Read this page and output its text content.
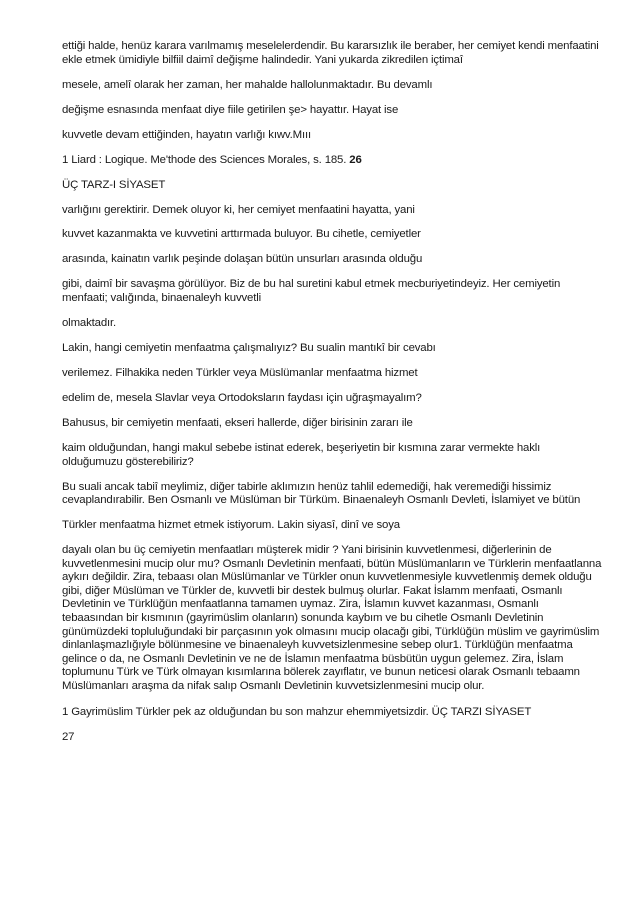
ettiği halde, henüz karara varılmamış meselelerdendir. Bu kararsızlık ile beraber, her cemiyet kendi menfaatini ekle etmek ümidiyle bilfiil daimî değişme halindedir. Yani yukarda zikredilen içtimaî

mesele, amelî olarak her zaman, her mahalde hallolunmaktadır. Bu devamlı

değişme esnasında menfaat diye fiile getirilen şe> hayattır. Hayat ise

kuvvetle devam ettiğinden, hayatın varlığı kıwv.Mııı

1 Liard : Logique. Me'thode des Sciences Morales, s. 185. 26

ÜÇ TARZ-I SİYASET

varlığını gerektirir. Demek oluyor ki, her cemiyet menfaatini hayatta, yani

kuvvet kazanmakta ve kuvvetini arttırmada buluyor. Bu cihetle, cemiyetler

arasında, kainatın varlık peşinde dolaşan bütün unsurları arasında olduğu

gibi, daimî bir savaşma görülüyor. Biz de bu hal suretini kabul etmek mecburiyetindeyiz. Her cemiyetin menfaati; valığında, binaenaleyh kuvvetli

olmaktadır.

Lakin, hangi cemiyetin menfaatma çalışmalıyız? Bu sualin mantıkî bir cevabı

verilemez. Filhakika neden Türkler veya Müslümanlar menfaatma hizmet

edelim de, mesela Slavlar veya Ortodoksların faydası için uğraşmayalım?

Bahusus, bir cemiyetin menfaati, ekseri hallerde, diğer birisinin zararı ile

kaim olduğundan, hangi makul sebebe istinat ederek, beşeriyetin bir kısmına zarar vermekte haklı olduğumuzu gösterebiliriz?

Bu suali ancak tabiî meylimiz, diğer tabirle aklımızın henüz tahlil edemediği, hak veremediği hissimiz cevaplandırabilir. Ben Osmanlı ve Müslüman bir Türküm. Binaenaleyh Osmanlı Devleti, İslamiyet ve bütün

Türkler menfaatma hizmet etmek istiyorum. Lakin siyasî, dinî ve soya

dayalı olan bu üç cemiyetin menfaatları müşterek midir ? Yani birisinin kuvvetlenmesi, diğerlerinin de kuvvetlenmesini mucip olur mu? Osmanlı Devletinin menfaati, bütün Müslümanların ve Türklerin menfaatlanna aykırı değildir. Zira, tebaası olan Müslümanlar ve Türkler onun kuvvetlenmesiyle kuvvetlenmiş demek olduğu gibi, diğer Müslüman ve Türkler de, kuvvetli bir destek bulmuş olurlar. Fakat İslamm menfaati, Osmanlı Devletinin ve Türklüğün menfaatlanna tamamen uymaz. Zira, İslamın kuvvet kazanması, Osmanlı tebaasından bir kısmının (gayrimüslim olanların) sonunda kaybım ve bu cihetle Osmanlı Devletinin günümüzdeki topluluğundaki bir parçasının yok olmasını mucip olacağı gibi, Türklüğün müslim ve gayrimüslim dinlanlaşmazlığıyle bölünmesine ve binaenaleyh kuvvetsizlenmesine sebep olur1. Türklüğün menfaatma gelince o da, ne Osmanlı Devletinin ve ne de İslamın menfaatma büsbütün uygun gelemez. Zira, İslam toplumunu Türk ve Türk olmayan kısımlarına bölerek zayıflatır, ve bunun neticesi olarak Osmanlı tebaamn Müslümanları araşma da nifak salıp Osmanlı Devletinin kuvvetsizlenmesini mucip olur.

1 Gayrimüslim Türkler pek az olduğundan bu son mahzur ehemmiyetsizdir. ÜÇ TARZI SİYASET

27
